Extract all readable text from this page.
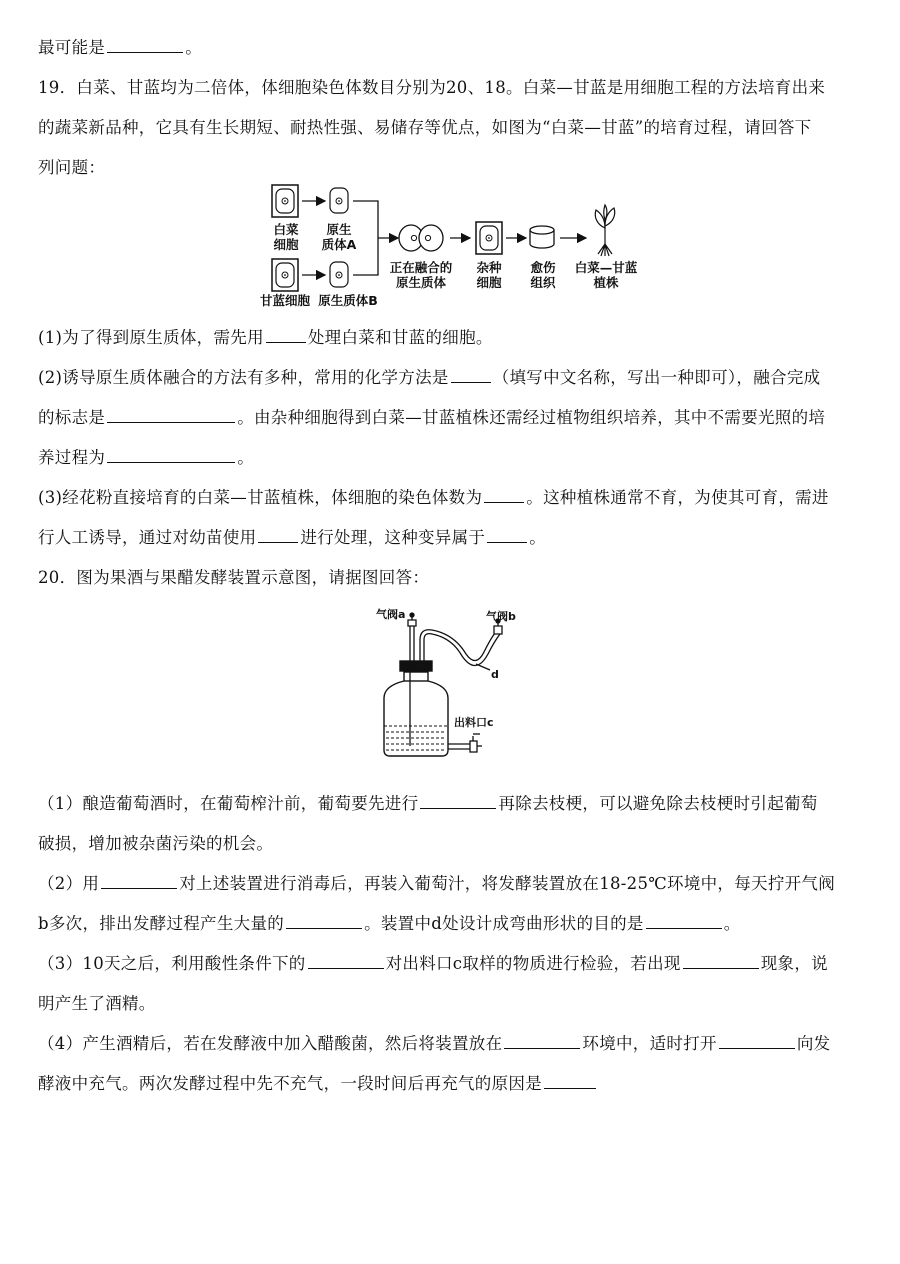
最可能是	。
19．白菜、甘蓝均为二倍体，体细胞染色体数目分别为20、18。白菜—甘蓝是用细胞工程的方法培育出来
的蔬菜新品种，它具有生长期短、耐热性强、易储存等优点，如图为“白菜—甘蓝”的培育过程，请回答下
列问题：
白菜
细胞
原生
质体A
甘蓝细胞 原生质体B
正在融合的
原生质体
杂种
细胞
愈伤
组织
白菜—甘蓝
植株
(1)为了得到原生质体，需先用	处理白菜和甘蓝的细胞。
(2)诱导原生质体融合的方法有多种，常用的化学方法是	（填写中文名称，写出一种即可），融合完成
的标志是	。由杂种细胞得到白菜—甘蓝植株还需经过植物组织培养，其中不需要光照的培
养过程为	。
(3)经花粉直接培育的白菜—甘蓝植株，体细胞的染色体数为	。这种植株通常不育，为使其可育，需进
行人工诱导，通过对幼苗使用	进行处理，这种变异属于	。
20．图为果酒与果醋发酵装置示意图，请据图回答：
气阀a	气阀b
d
出料口c
（1）酿造葡萄酒时，在葡萄榨汁前，葡萄要先进行	再除去枝梗，可以避免除去枝梗时引起葡萄
破损，增加被杂菌污染的机会。
（2）用	对上述装置进行消毒后，再装入葡萄汁，将发酵装置放在18-25℃环境中，每天拧开气阀
b多次，排出发酵过程产生大量的	。装置中d处设计成弯曲形状的目的是	。
（3）10天之后，利用酸性条件下的	对出料口c取样的物质进行检验，若出现	现象，说
明产生了酒精。
（4）产生酒精后，若在发酵液中加入醋酸菌，然后将装置放在	环境中，适时打开	向发
酵液中充气。两次发酵过程中先不充气，一段时间后再充气的原因是
